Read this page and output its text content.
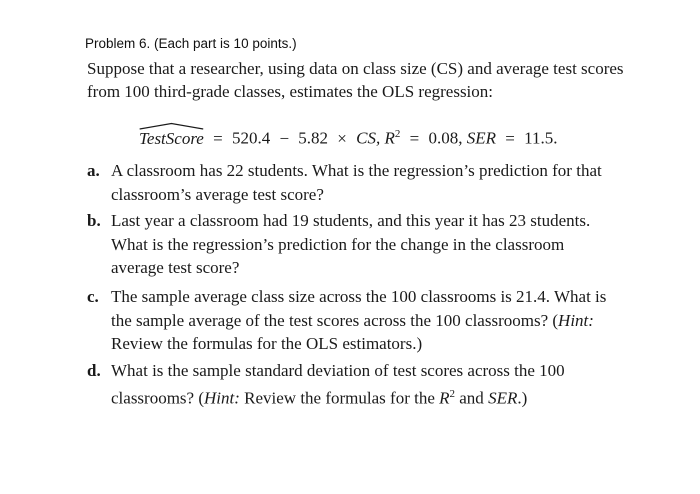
Problem 6. (Each part is 10 points.)
Suppose that a researcher, using data on class size (CS) and average test scores from 100 third-grade classes, estimates the OLS regression:
TestScore = 520.4 − 5.82 × CS, $R^2 = 0.08$, SER = 11.5.
a. A classroom has 22 students. What is the regression’s prediction for that classroom’s average test score?
b. Last year a classroom had 19 students, and this year it has 23 students. What is the regression’s prediction for the change in the classroom average test score?
c. The sample average class size across the 100 classrooms is 21.4. What is the sample average of the test scores across the 100 classrooms? (Hint: Review the formulas for the OLS estimators.)
d. What is the sample standard deviation of test scores across the 100 classrooms? (Hint: Review the formulas for the $R^2$ and SER.)
